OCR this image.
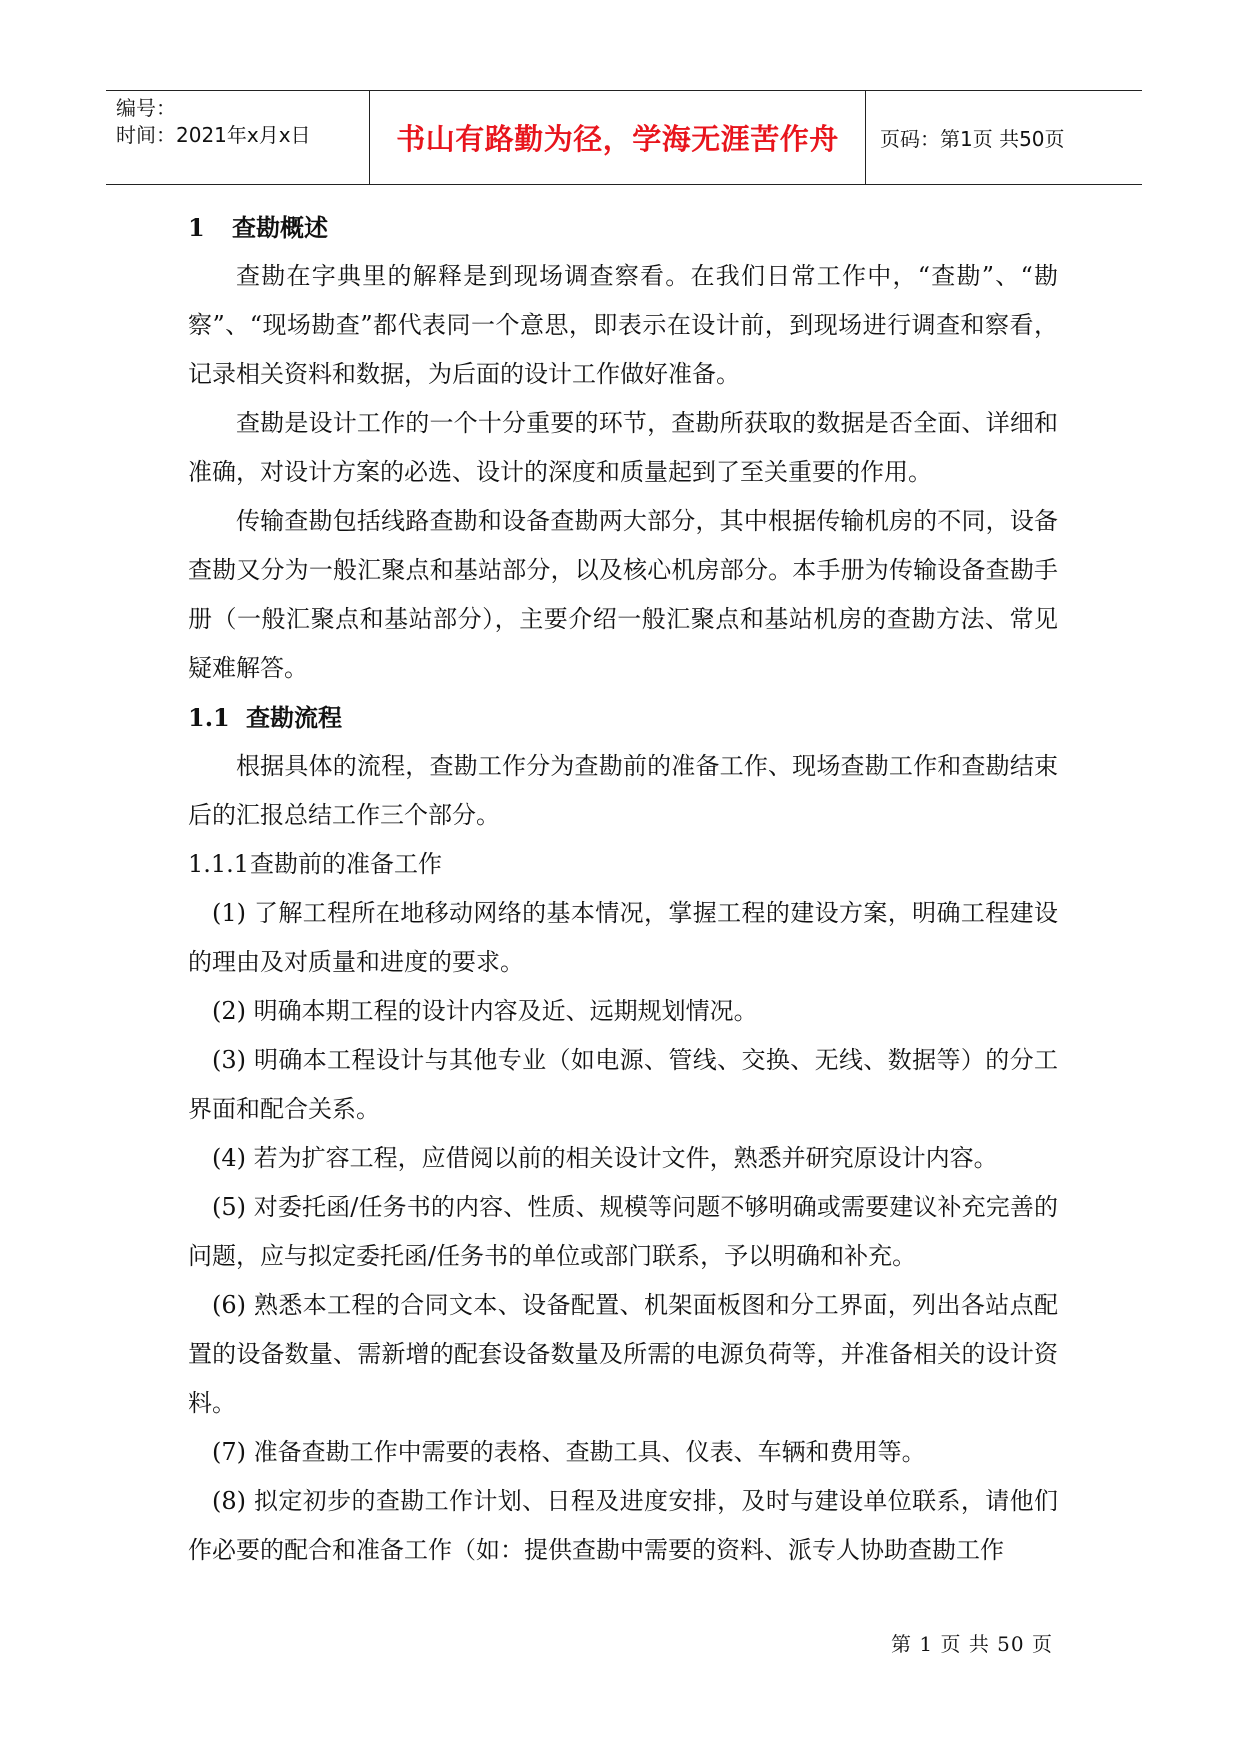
编号：
时间：2021年x月x日	书山有路勤为径，学海无涯苦作舟	页码：第1页 共50页

1 查勘概述

查勘在字典里的解释是到现场调查察看。在我们日常工作中，“查勘”、“勘察”、“现场勘查”都代表同一个意思，即表示在设计前，到现场进行调查和察看，记录相关资料和数据，为后面的设计工作做好准备。

查勘是设计工作的一个十分重要的环节，查勘所获取的数据是否全面、详细和准确，对设计方案的必选、设计的深度和质量起到了至关重要的作用。

传输查勘包括线路查勘和设备查勘两大部分，其中根据传输机房的不同，设备查勘又分为一般汇聚点和基站部分，以及核心机房部分。本手册为传输设备查勘手册（一般汇聚点和基站部分），主要介绍一般汇聚点和基站机房的查勘方法、常见疑难解答。

1.1 查勘流程

根据具体的流程，查勘工作分为查勘前的准备工作、现场查勘工作和查勘结束后的汇报总结工作三个部分。

1.1.1查勘前的准备工作

(1) 了解工程所在地移动网络的基本情况，掌握工程的建设方案，明确工程建设的理由及对质量和进度的要求。

(2) 明确本期工程的设计内容及近、远期规划情况。

(3) 明确本工程设计与其他专业（如电源、管线、交换、无线、数据等）的分工界面和配合关系。

(4) 若为扩容工程，应借阅以前的相关设计文件，熟悉并研究原设计内容。

(5) 对委托函/任务书的内容、性质、规模等问题不够明确或需要建议补充完善的问题，应与拟定委托函/任务书的单位或部门联系，予以明确和补充。

(6) 熟悉本工程的合同文本、设备配置、机架面板图和分工界面，列出各站点配置的设备数量、需新增的配套设备数量及所需的电源负荷等，并准备相关的设计资料。

(7) 准备查勘工作中需要的表格、查勘工具、仪表、车辆和费用等。

(8) 拟定初步的查勘工作计划、日程及进度安排，及时与建设单位联系，请他们作必要的配合和准备工作（如：提供查勘中需要的资料、派专人协助查勘工作

第 1 页 共 50 页
